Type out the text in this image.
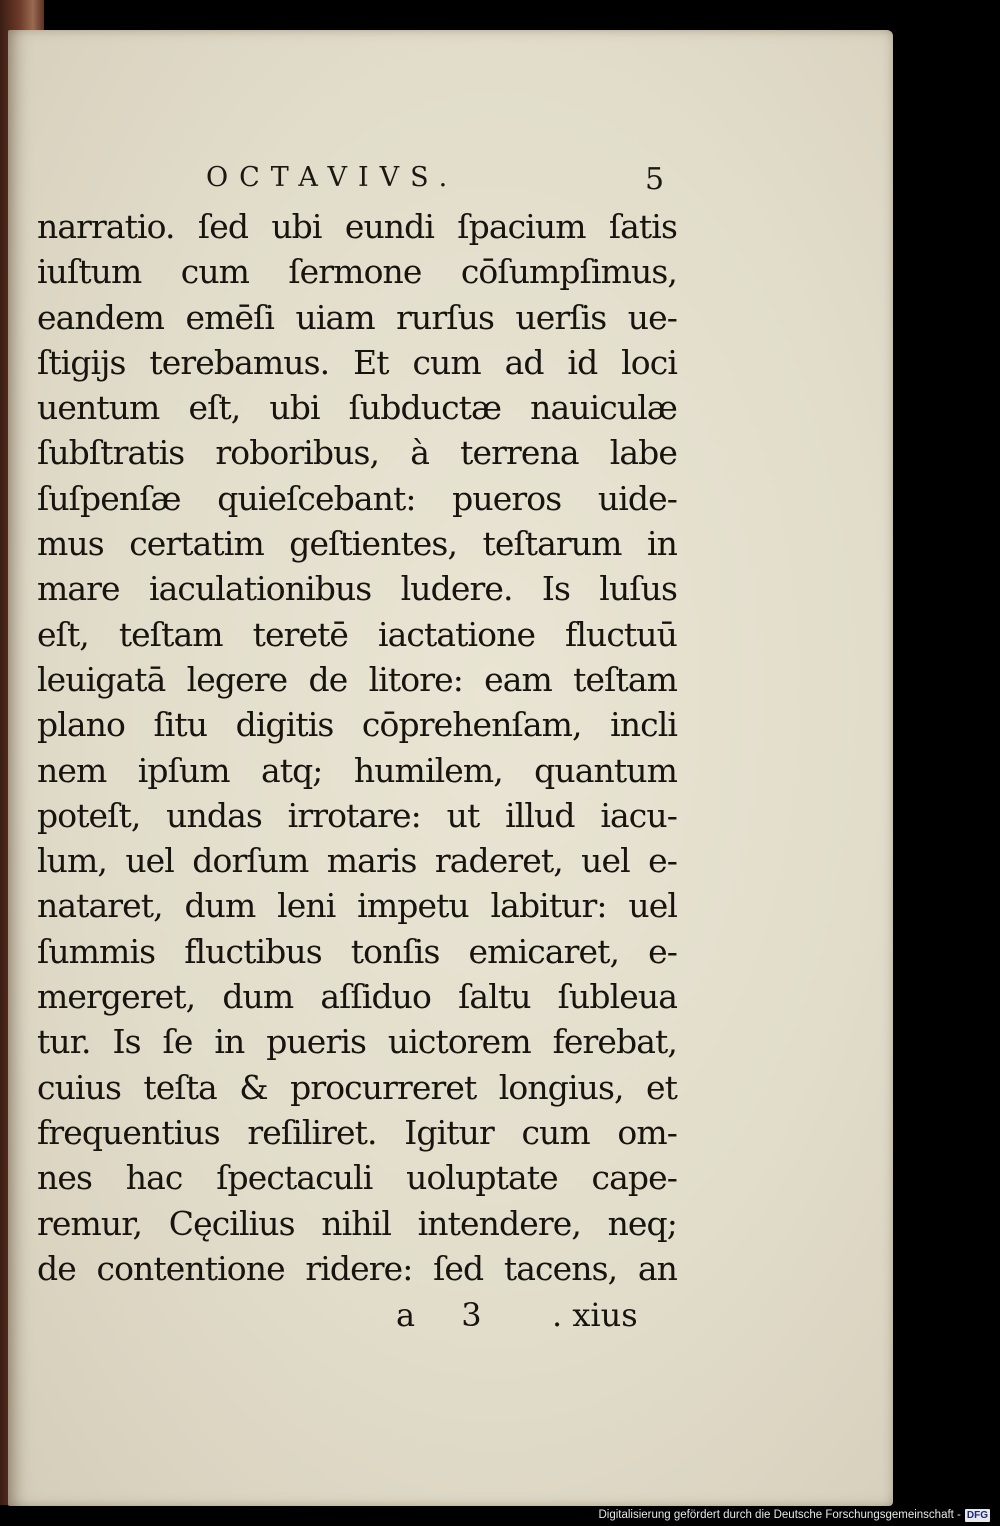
OCTAVIVS.	5
narratio. ſed ubi eundi ſpacium ſatis
iuſtum cum ſermone cōſumpſimus,
eandem emēſi uiam rurſus uerſis ue-
ſtigijs terebamus. Et cum ad id loci
uentum eſt, ubi ſubductæ nauiculæ
ſubſtratis roboribus, à terrena labe
ſuſpenſæ quieſcebant: pueros uide-
mus certatim geſtientes, teſtarum in
mare iaculationibus ludere. Is luſus
eſt, teſtam teretē iactatione fluctuū
leuigatā legere de litore: eam teſtam
plano ſitu digitis cōprehenſam, incli
nem ipſum atq; humilem, quantum
poteſt, undas irrotare: ut illud iacu-
lum, uel dorſum maris raderet, uel e-
nataret, dum leni impetu labitur: uel
ſummis fluctibus tonſis emicaret, e-
mergeret, dum aſſiduo ſaltu ſubleua
tur. Is ſe in pueris uictorem ferebat,
cuius teſta & procurreret longius, et
frequentius reſiliret. Igitur cum om-
nes hac ſpectaculi uoluptate cape-
remur, Cęcilius nihil intendere, neq;
de contentione ridere: ſed tacens, an
a 3 . xius
Digitalisierung gefördert durch die Deutsche Forschungsgemeinschaft - DFG
